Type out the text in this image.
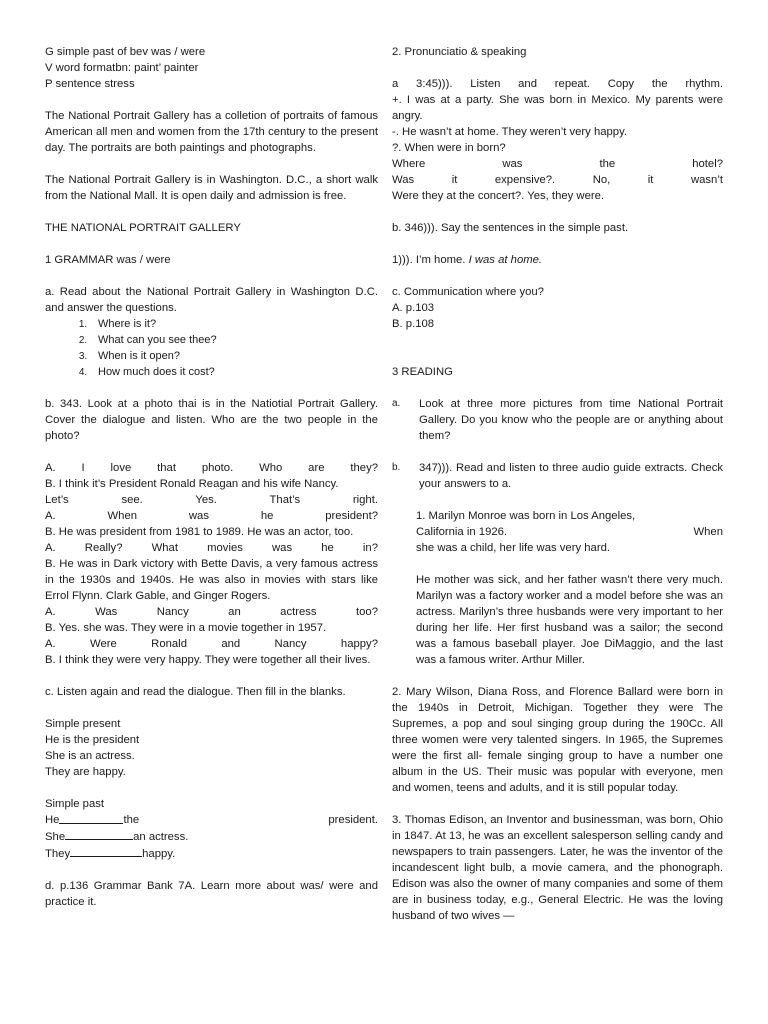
G simple past of bev was / were

V word formatbn: paint’ painter

P sentence stress

The National Portrait Gallery has a colletion of portraits of famous American all men and women from the 17th century to the present day. The portraits are both paintings and photographs.

The National Portrait Gallery is in Washington. D.C., a short walk from the National Mall. It is open daily and admission is free.

THE NATIONAL PORTRAIT GALLERY

1 GRAMMAR was / were

a. Read about the National Portrait Gallery in Washington D.C. and answer the questions.

1. Where is it?
2. What can you see thee?
3. When is it open?
4. How much does it cost?

b. 343. Look at a photo thai is in the Natiotial Portrait Gallery. Cover the dialogue and listen. Who are the two people in the photo?

A. I love that photo. Who are they?

B. I think it’s President Ronald Reagan and his wife Nancy.

Let’s see. Yes. That’s right.

A. When was he president?

B. He was president from 1981 to 1989. He was an actor, too.

A. Really? What movies was he in?

B. He was in Dark victory with Bette Davis, a very famous actress in the 1930s and 1940s. He was also in movies with stars like Errol Flynn. Clark Gable, and Ginger Rogers.

A. Was Nancy an actress too?

B. Yes. she was. They were in a movie together in 1957.

A. Were Ronald and Nancy happy?

B. I think they were very happy. They were together all their lives.

c. Listen again and read the dialogue. Then fill in the blanks.

Simple present

He is the president

She is an actress.

They are happy.

Simple past

He	the	president.
She	an actress.
They	happy.

d. p.136 Grammar Bank 7A. Learn more about was/ were and practice it.

2. Pronunciatio & speaking

a 3:45))). Listen and repeat. Copy the rhythm.

+. I was at a party. She was born in Mexico. My parents were angry.

-. He wasn’t at home. They weren’t very happy.

?. When were in born?

Where was the hotel?

Was it expensive?. No, it wasn’t

Were they at the concert?. Yes, they were.

b. 346))). Say the sentences in the simple past.

1))). I’m home. I was at home.

c. Communication where you?

A. p.103

B. p.108

3 READING

a.	Look at three more pictures from time National Portrait Gallery. Do you know who the people are or anything about them?
b.	347))). Read and listen to three audio guide extracts. Check your answers to a.
1. Marilyn Monroe was born in Los Angeles, California in 1926.	When

she was a child, her life was very hard.

He mother was sick, and her father wasn’t there very much. Marilyn was a factory worker and a model before she was an actress. Marilyn’s three husbands were very important to her during her life. Her first husband was a sailor; the second was a famous baseball player. Joe DiMaggio, and the last was a famous writer. Arthur Miller.

2. Mary Wilson, Diana Ross, and Florence Ballard were born in the 1940s in Detroit, Michigan. Together they were The Supremes, a pop and soul singing group during the 190Cc. All three women were very talented singers. In 1965, the Supremes were the first all- female singing group to have a number one album in the US. Their music was popular with everyone, men and women, teens and adults, and it is still popular today.

3. Thomas Edison, an Inventor and businessman, was born, Ohio in 1847. At 13, he was an excellent salesperson selling candy and newspapers to train passengers. Later, he was the inventor of the incandescent light bulb, a movie camera, and the phonograph. Edison was also the owner of many companies and some of them are in business today, e.g., General Electric. He was the loving husband of two wives —
